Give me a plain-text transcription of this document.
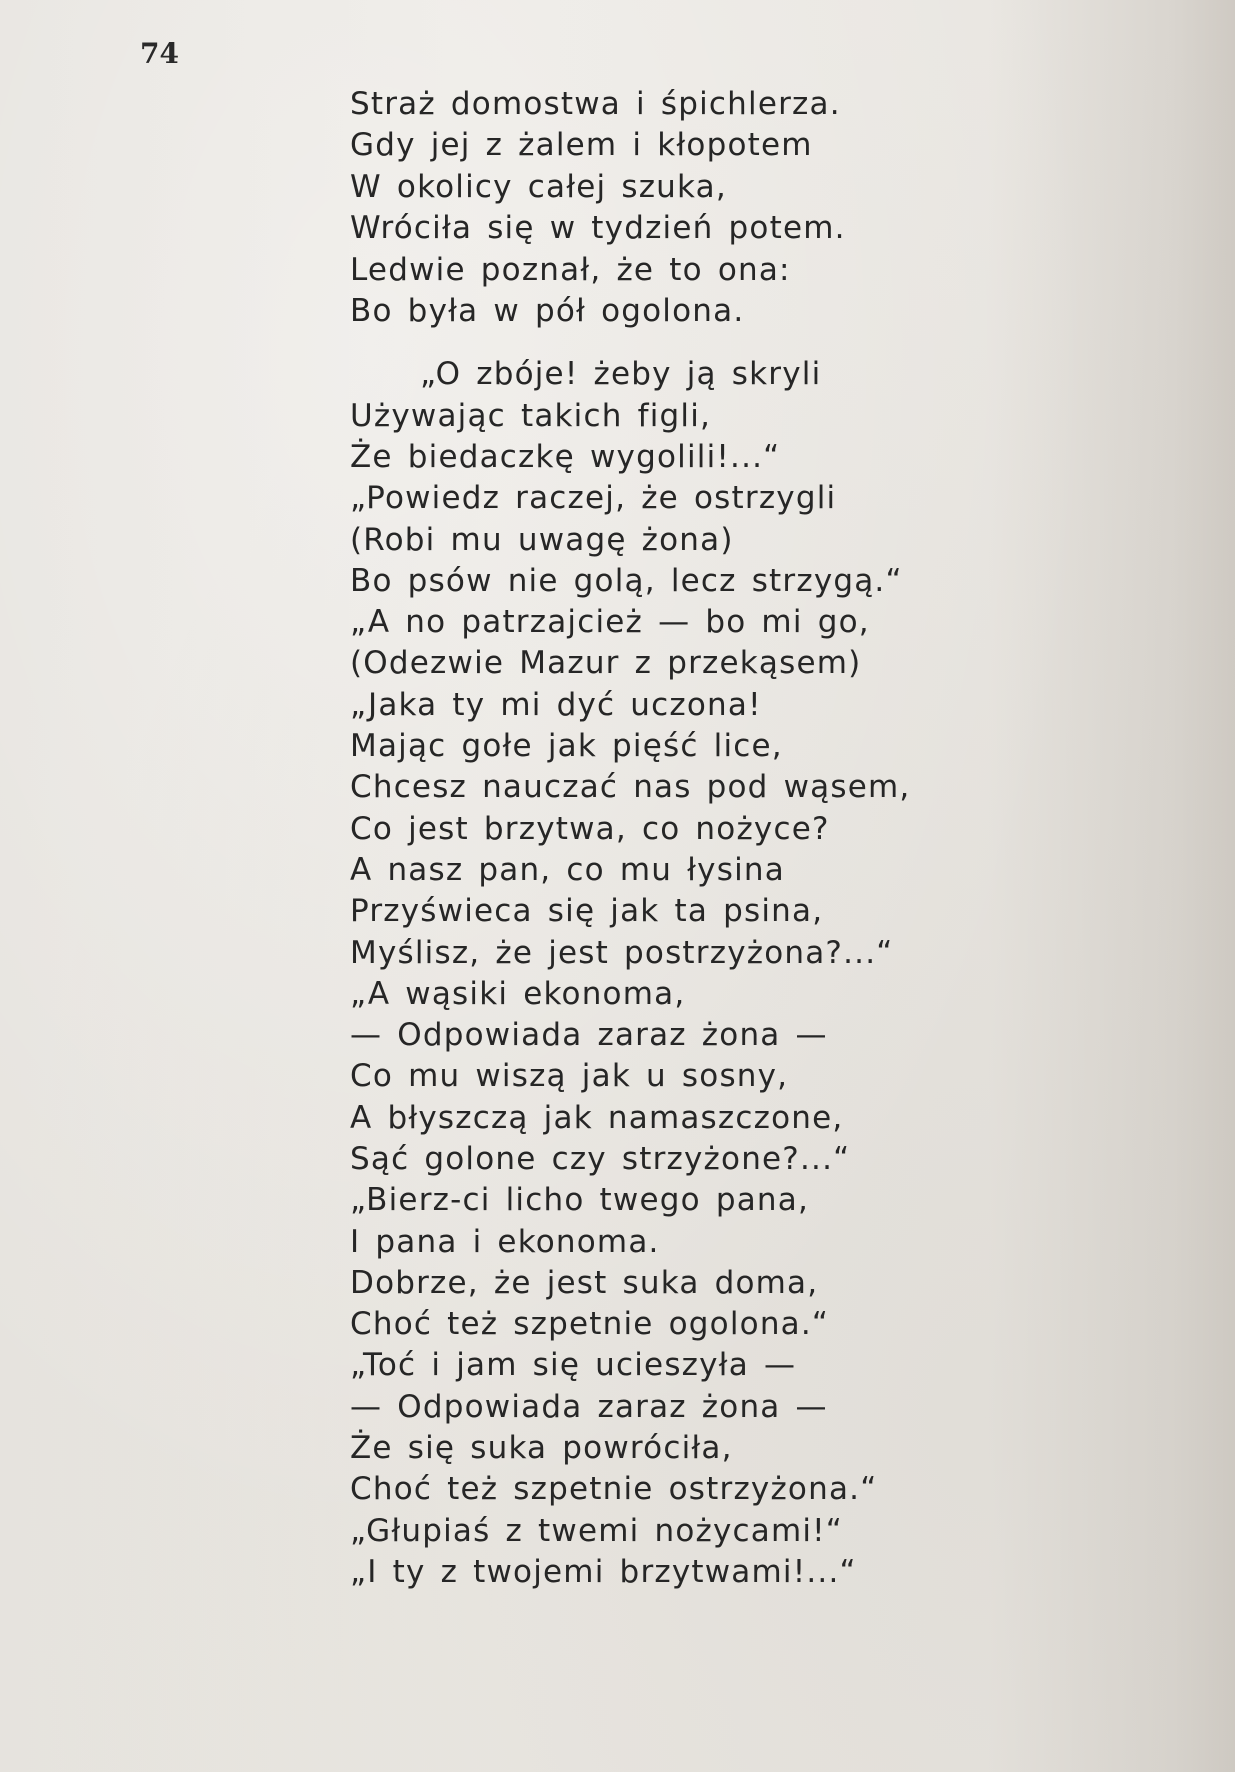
74

Straż domostwa i śpichlerza.
Gdy jej z żalem i kłopotem
W okolicy całej szuka,
Wróciła się w tydzień potem.
Ledwie poznał, że to ona:
Bo była w pół ogolona.
„O zbóje! żeby ją skryli
Używając takich figli,
Że biedaczkę wygolili!...“
„Powiedz raczej, że ostrzygli
(Robi mu uwagę żona)
Bo psów nie golą, lecz strzygą.“
„A no patrzajcież — bo mi go,
(Odezwie Mazur z przekąsem)
„Jaka ty mi dyć uczona!
Mając gołe jak pięść lice,
Chcesz nauczać nas pod wąsem,
Co jest brzytwa, co nożyce?
A nasz pan, co mu łysina
Przyświeca się jak ta psina,
Myślisz, że jest postrzyżona?...“
„A wąsiki ekonoma,
— Odpowiada zaraz żona —
Co mu wiszą jak u sosny,
A błyszczą jak namaszczone,
Sąć golone czy strzyżone?...“
„Bierz-ci licho twego pana,
I pana i ekonoma.
Dobrze, że jest suka doma,
Choć też szpetnie ogolona.“
„Toć i jam się ucieszyła —
— Odpowiada zaraz żona —
Że się suka powróciła,
Choć też szpetnie ostrzyżona.“
„Głupiaś z twemi nożycami!“
„I ty z twojemi brzytwami!...“
